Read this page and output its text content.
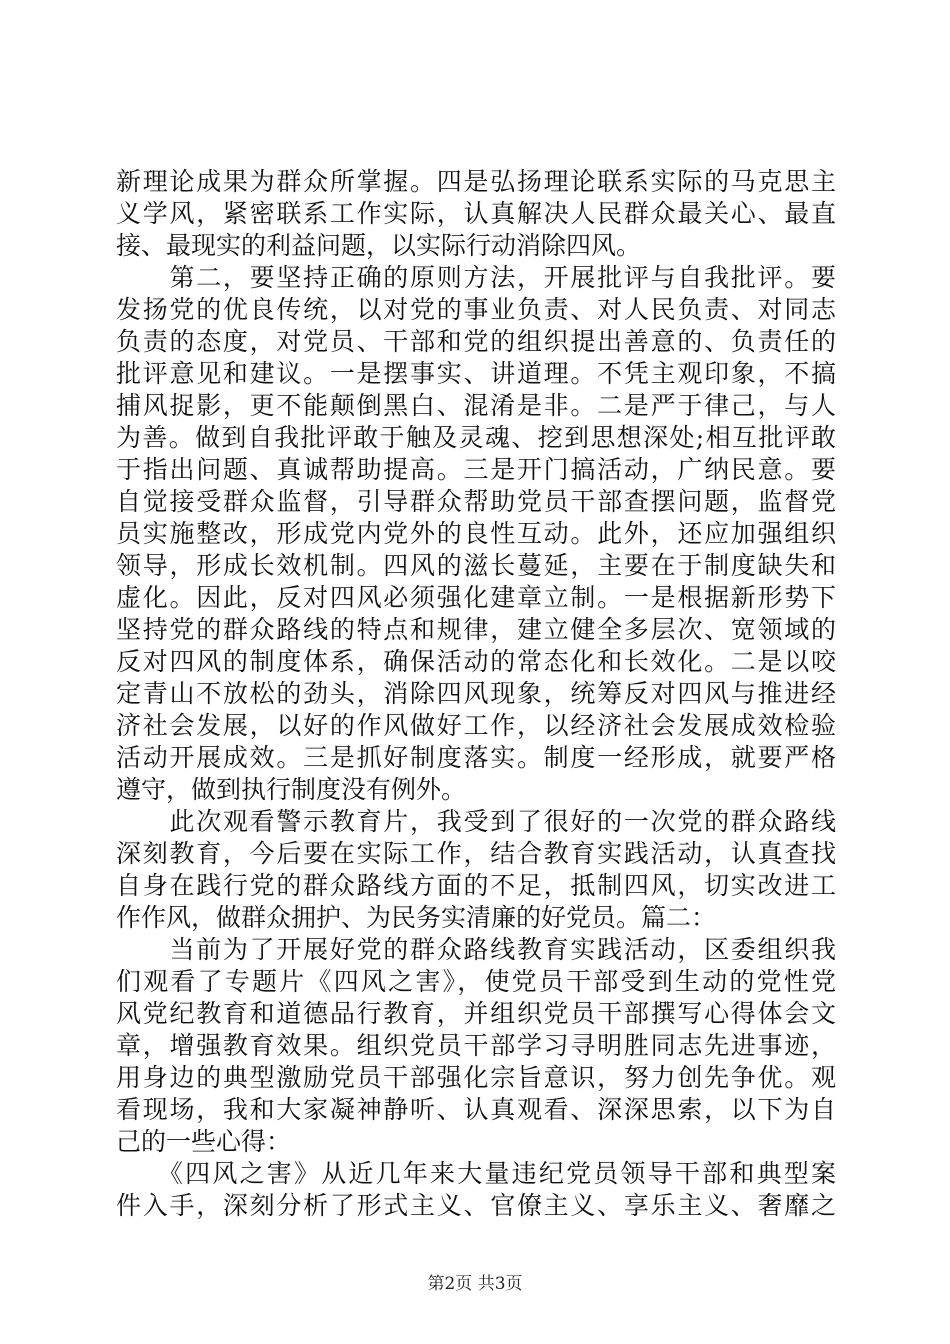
新理论成果为群众所掌握。四是弘扬理论联系实际的马克思主
义学风，紧密联系工作实际，认真解决人民群众最关心、最直
接、最现实的利益问题，以实际行动消除四风。
　　第二，要坚持正确的原则方法，开展批评与自我批评。要
发扬党的优良传统，以对党的事业负责、对人民负责、对同志
负责的态度，对党员、干部和党的组织提出善意的、负责任的
批评意见和建议。一是摆事实、讲道理。不凭主观印象，不搞
捕风捉影，更不能颠倒黑白、混淆是非。二是严于律己，与人
为善。做到自我批评敢于触及灵魂、挖到思想深处;相互批评敢
于指出问题、真诚帮助提高。三是开门搞活动，广纳民意。要
自觉接受群众监督，引导群众帮助党员干部查摆问题，监督党
员实施整改，形成党内党外的良性互动。此外，还应加强组织
领导，形成长效机制。四风的滋长蔓延，主要在于制度缺失和
虚化。因此，反对四风必须强化建章立制。一是根据新形势下
坚持党的群众路线的特点和规律，建立健全多层次、宽领域的
反对四风的制度体系，确保活动的常态化和长效化。二是以咬
定青山不放松的劲头，消除四风现象，统筹反对四风与推进经
济社会发展，以好的作风做好工作，以经济社会发展成效检验
活动开展成效。三是抓好制度落实。制度一经形成，就要严格
遵守，做到执行制度没有例外。
　　此次观看警示教育片，我受到了很好的一次党的群众路线
深刻教育，今后要在实际工作，结合教育实践活动，认真查找
自身在践行党的群众路线方面的不足，抵制四风，切实改进工
作作风，做群众拥护、为民务实清廉的好党员。篇二：
　　当前为了开展好党的群众路线教育实践活动，区委组织我
们观看了专题片《四风之害》，使党员干部受到生动的党性党
风党纪教育和道德品行教育，并组织党员干部撰写心得体会文
章，增强教育效果。组织党员干部学习寻明胜同志先进事迹，
用身边的典型激励党员干部强化宗旨意识，努力创先争优。观
看现场，我和大家凝神静听、认真观看、深深思索，以下为自
己的一些心得：
　　《四风之害》从近几年来大量违纪党员领导干部和典型案
件入手，深刻分析了形式主义、官僚主义、享乐主义、奢靡之
第2页 共3页
